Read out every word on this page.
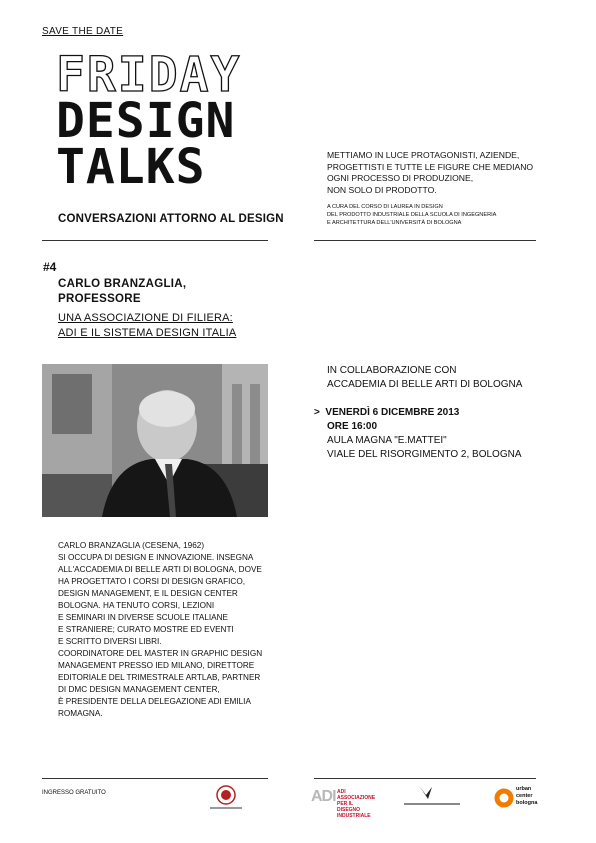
SAVE THE DATE

FRIDAY

DESIGN

TALKS

CONVERSAZIONI ATTORNO AL DESIGN
METTIAMO IN LUCE PROTAGONISTI, AZIENDE,
PROGETTISTI E TUTTE LE FIGURE CHE MEDIANO
OGNI PROCESSO DI PRODUZIONE,
NON SOLO DI PRODOTTO.
A CURA DEL CORSO DI LAUREA IN DESIGN
DEL PRODOTTO INDUSTRIALE DELLA SCUOLA DI INGEGNERIA
E ARCHITETTURA DELL'UNIVERSITÀ DI BOLOGNA
#4
CARLO BRANZAGLIA,
PROFESSORE
UNA ASSOCIAZIONE DI FILIERA:
ADI E IL SISTEMA DESIGN ITALIA
IN COLLABORAZIONE CON
ACCADEMIA DI BELLE ARTI DI BOLOGNA
> VENERDÌ 6 DICEMBRE 2013
ORE 16:00
AULA MAGNA "E.MATTEI"
VIALE DEL RISORGIMENTO 2, BOLOGNA
CARLO BRANZAGLIA (CESENA, 1962)
SI OCCUPA DI DESIGN E INNOVAZIONE. INSEGNA
ALL'ACCADEMIA DI BELLE ARTI DI BOLOGNA, DOVE
HA PROGETTATO I CORSI DI DESIGN GRAFICO,
DESIGN MANAGEMENT, E IL DESIGN CENTER
BOLOGNA. HA TENUTO CORSI, LEZIONI
E SEMINARI IN DIVERSE SCUOLE ITALIANE
E STRANIERE; CURATO MOSTRE ED EVENTI
E SCRITTO DIVERSI LIBRI.
COORDINATORE DEL MASTER IN GRAPHIC DESIGN
MANAGEMENT PRESSO IED MILANO, DIRETTORE
EDITORIALE DEL TRIMESTRALE ARTLAB, PARTNER
DI DMC DESIGN MANAGEMENT CENTER,
È PRESIDENTE DELLA DELEGAZIONE ADI EMILIA
ROMAGNA.
INGRESSO GRATUITO	ADI ADI ASSOCIAZIONE
PER IL DISEGNO
INDUSTRIALE
urban
center
bologna
